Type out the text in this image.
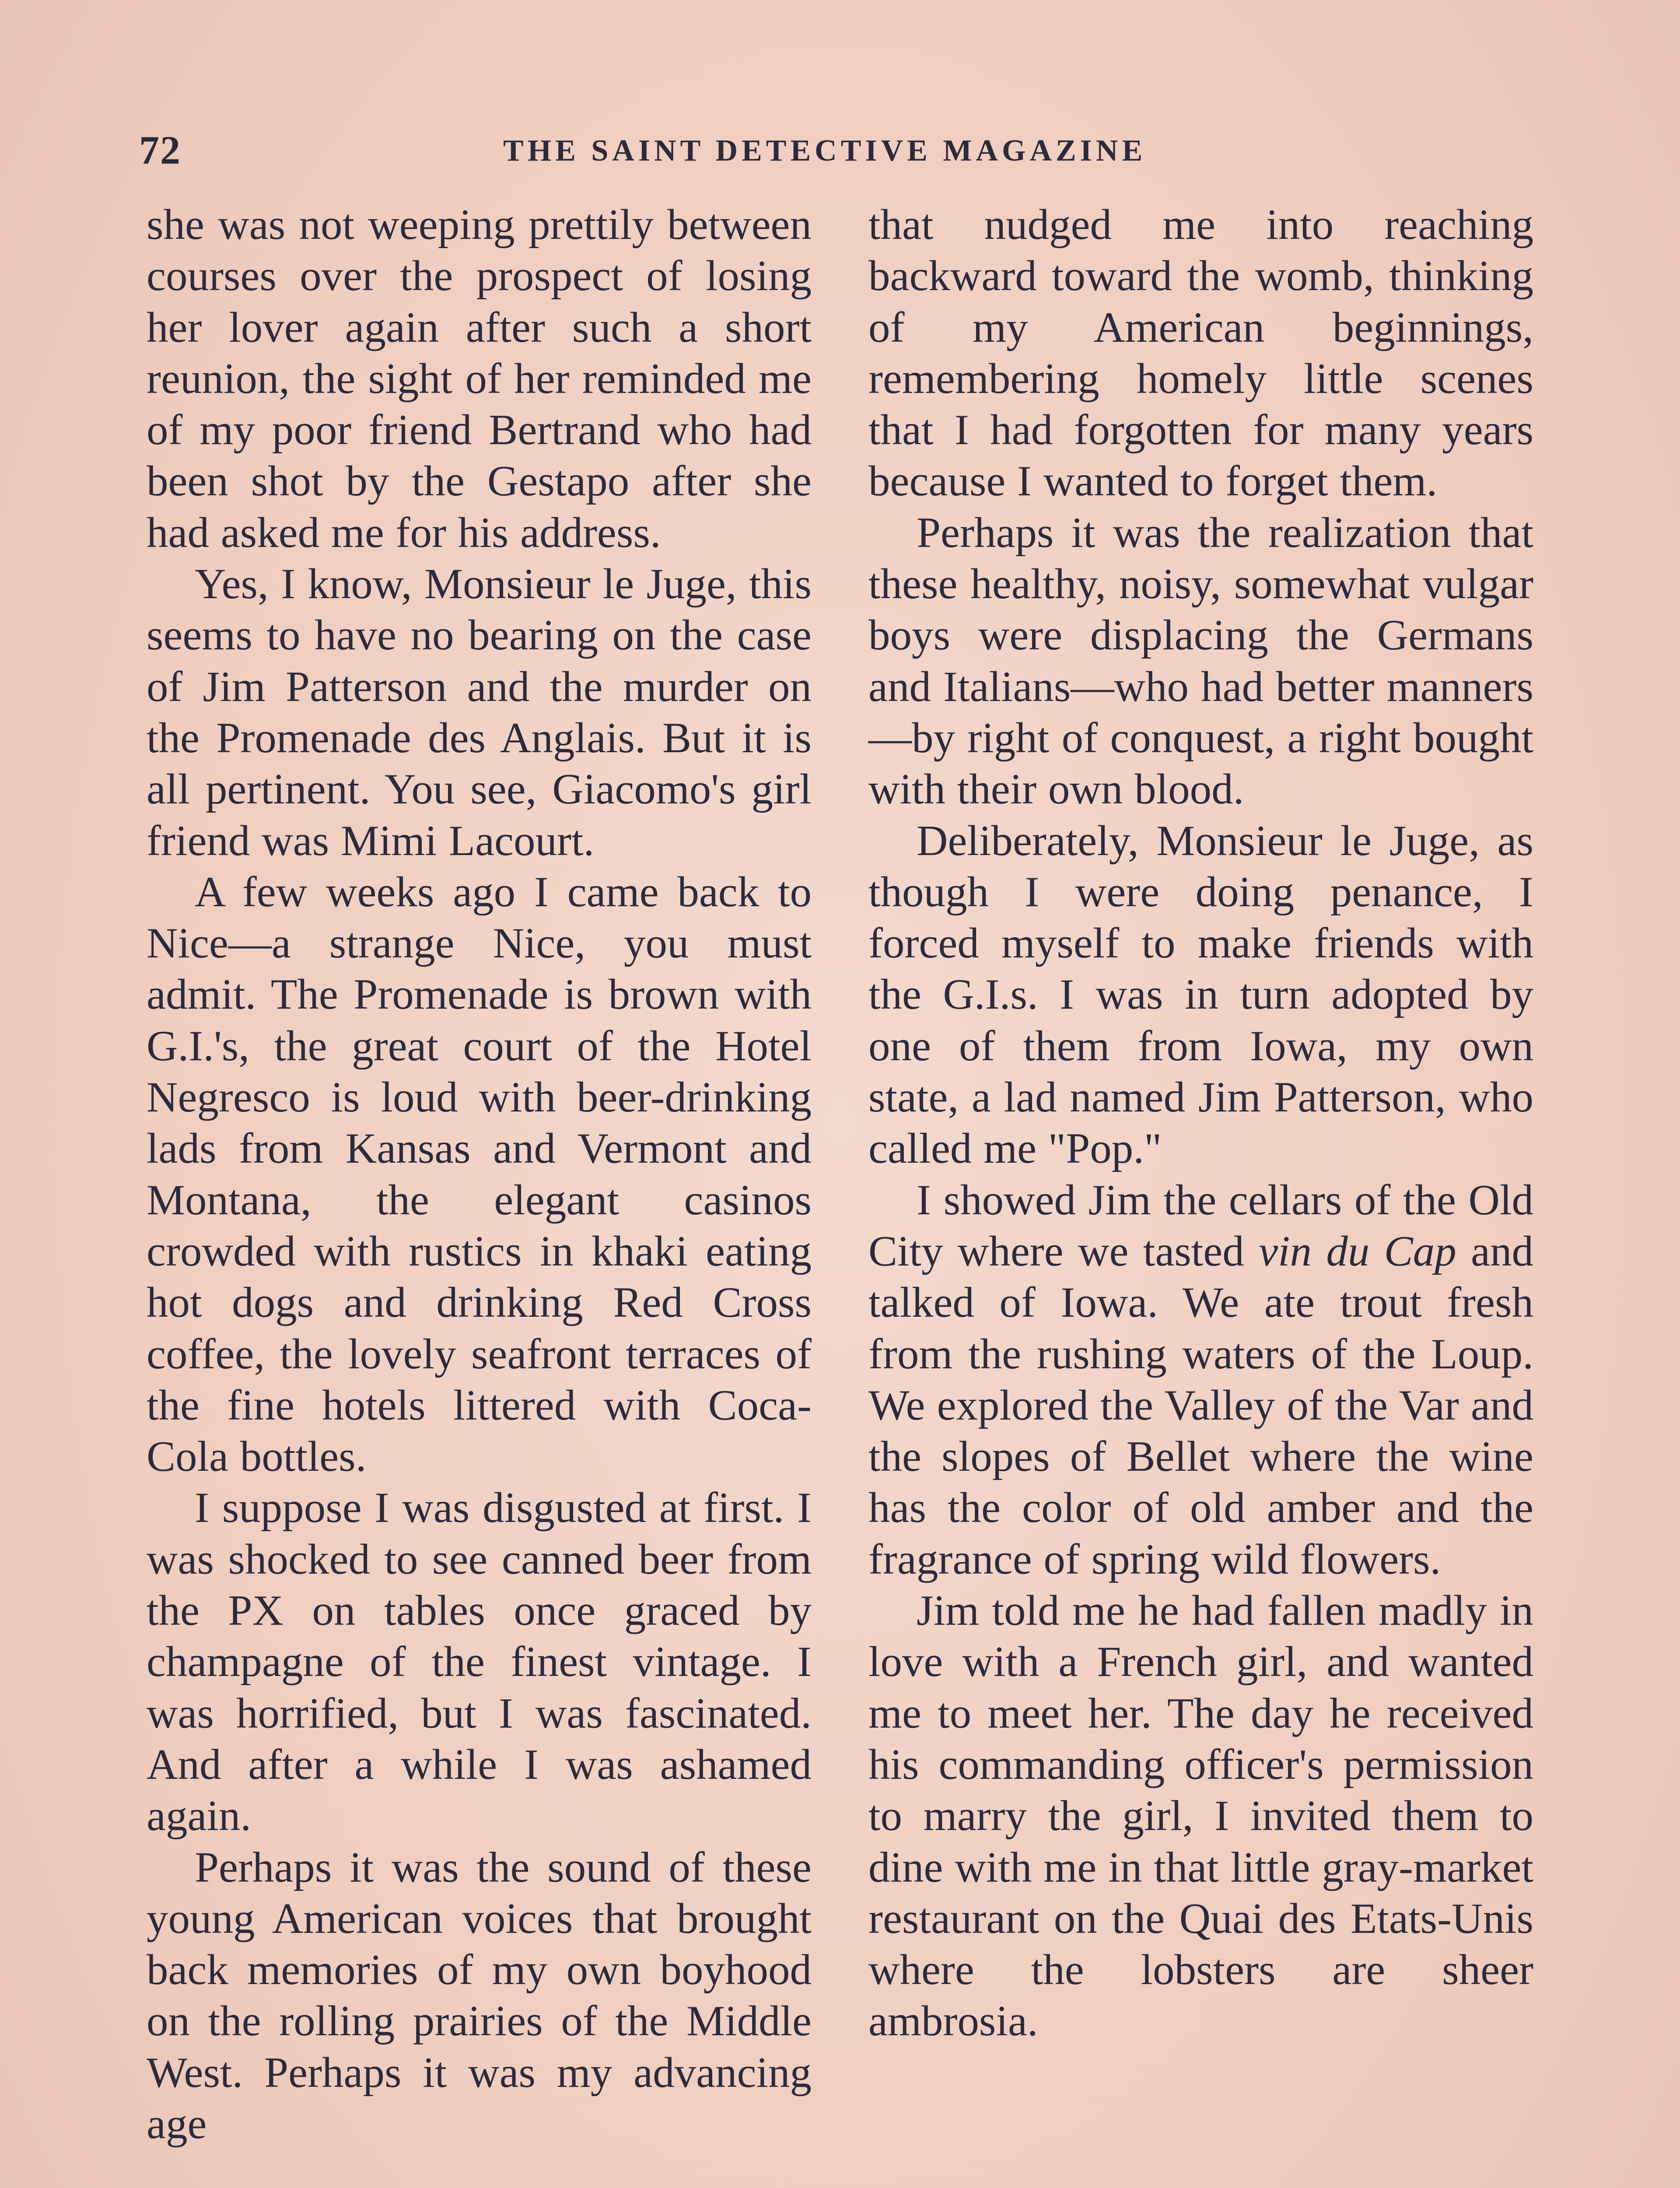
72	THE SAINT DETECTIVE MAGAZINE

she was not weeping prettily between courses over the prospect of losing her lover again after such a short reunion, the sight of her reminded me of my poor friend Bertrand who had been shot by the Gestapo after she had asked me for his address.

Yes, I know, Monsieur le Juge, this seems to have no bearing on the case of Jim Patterson and the murder on the Promenade des Anglais. But it is all pertinent. You see, Giacomo's girl friend was Mimi Lacourt.

A few weeks ago I came back to Nice—a strange Nice, you must admit. The Promenade is brown with G.I.'s, the great court of the Hotel Negresco is loud with beer-drinking lads from Kansas and Vermont and Montana, the elegant casinos crowded with rustics in khaki eating hot dogs and drinking Red Cross coffee, the lovely seafront terraces of the fine hotels littered with Coca-Cola bottles.

I suppose I was disgusted at first. I was shocked to see canned beer from the PX on tables once graced by champagne of the finest vintage. I was horrified, but I was fascinated. And after a while I was ashamed again.

Perhaps it was the sound of these young American voices that brought back memories of my own boyhood on the rolling prairies of the Middle West. Perhaps it was my advancing age

that nudged me into reaching backward toward the womb, thinking of my American beginnings, remembering homely little scenes that I had forgotten for many years because I wanted to forget them.

Perhaps it was the realization that these healthy, noisy, somewhat vulgar boys were displacing the Germans and Italians—who had better manners—by right of conquest, a right bought with their own blood.

Deliberately, Monsieur le Juge, as though I were doing penance, I forced myself to make friends with the G.I.s. I was in turn adopted by one of them from Iowa, my own state, a lad named Jim Patterson, who called me "Pop."

I showed Jim the cellars of the Old City where we tasted vin du Cap and talked of Iowa. We ate trout fresh from the rushing waters of the Loup. We explored the Valley of the Var and the slopes of Bellet where the wine has the color of old amber and the fragrance of spring wild flowers.

Jim told me he had fallen madly in love with a French girl, and wanted me to meet her. The day he received his commanding officer's permission to marry the girl, I invited them to dine with me in that little gray-market restaurant on the Quai des Etats-Unis where the lobsters are sheer ambrosia.
